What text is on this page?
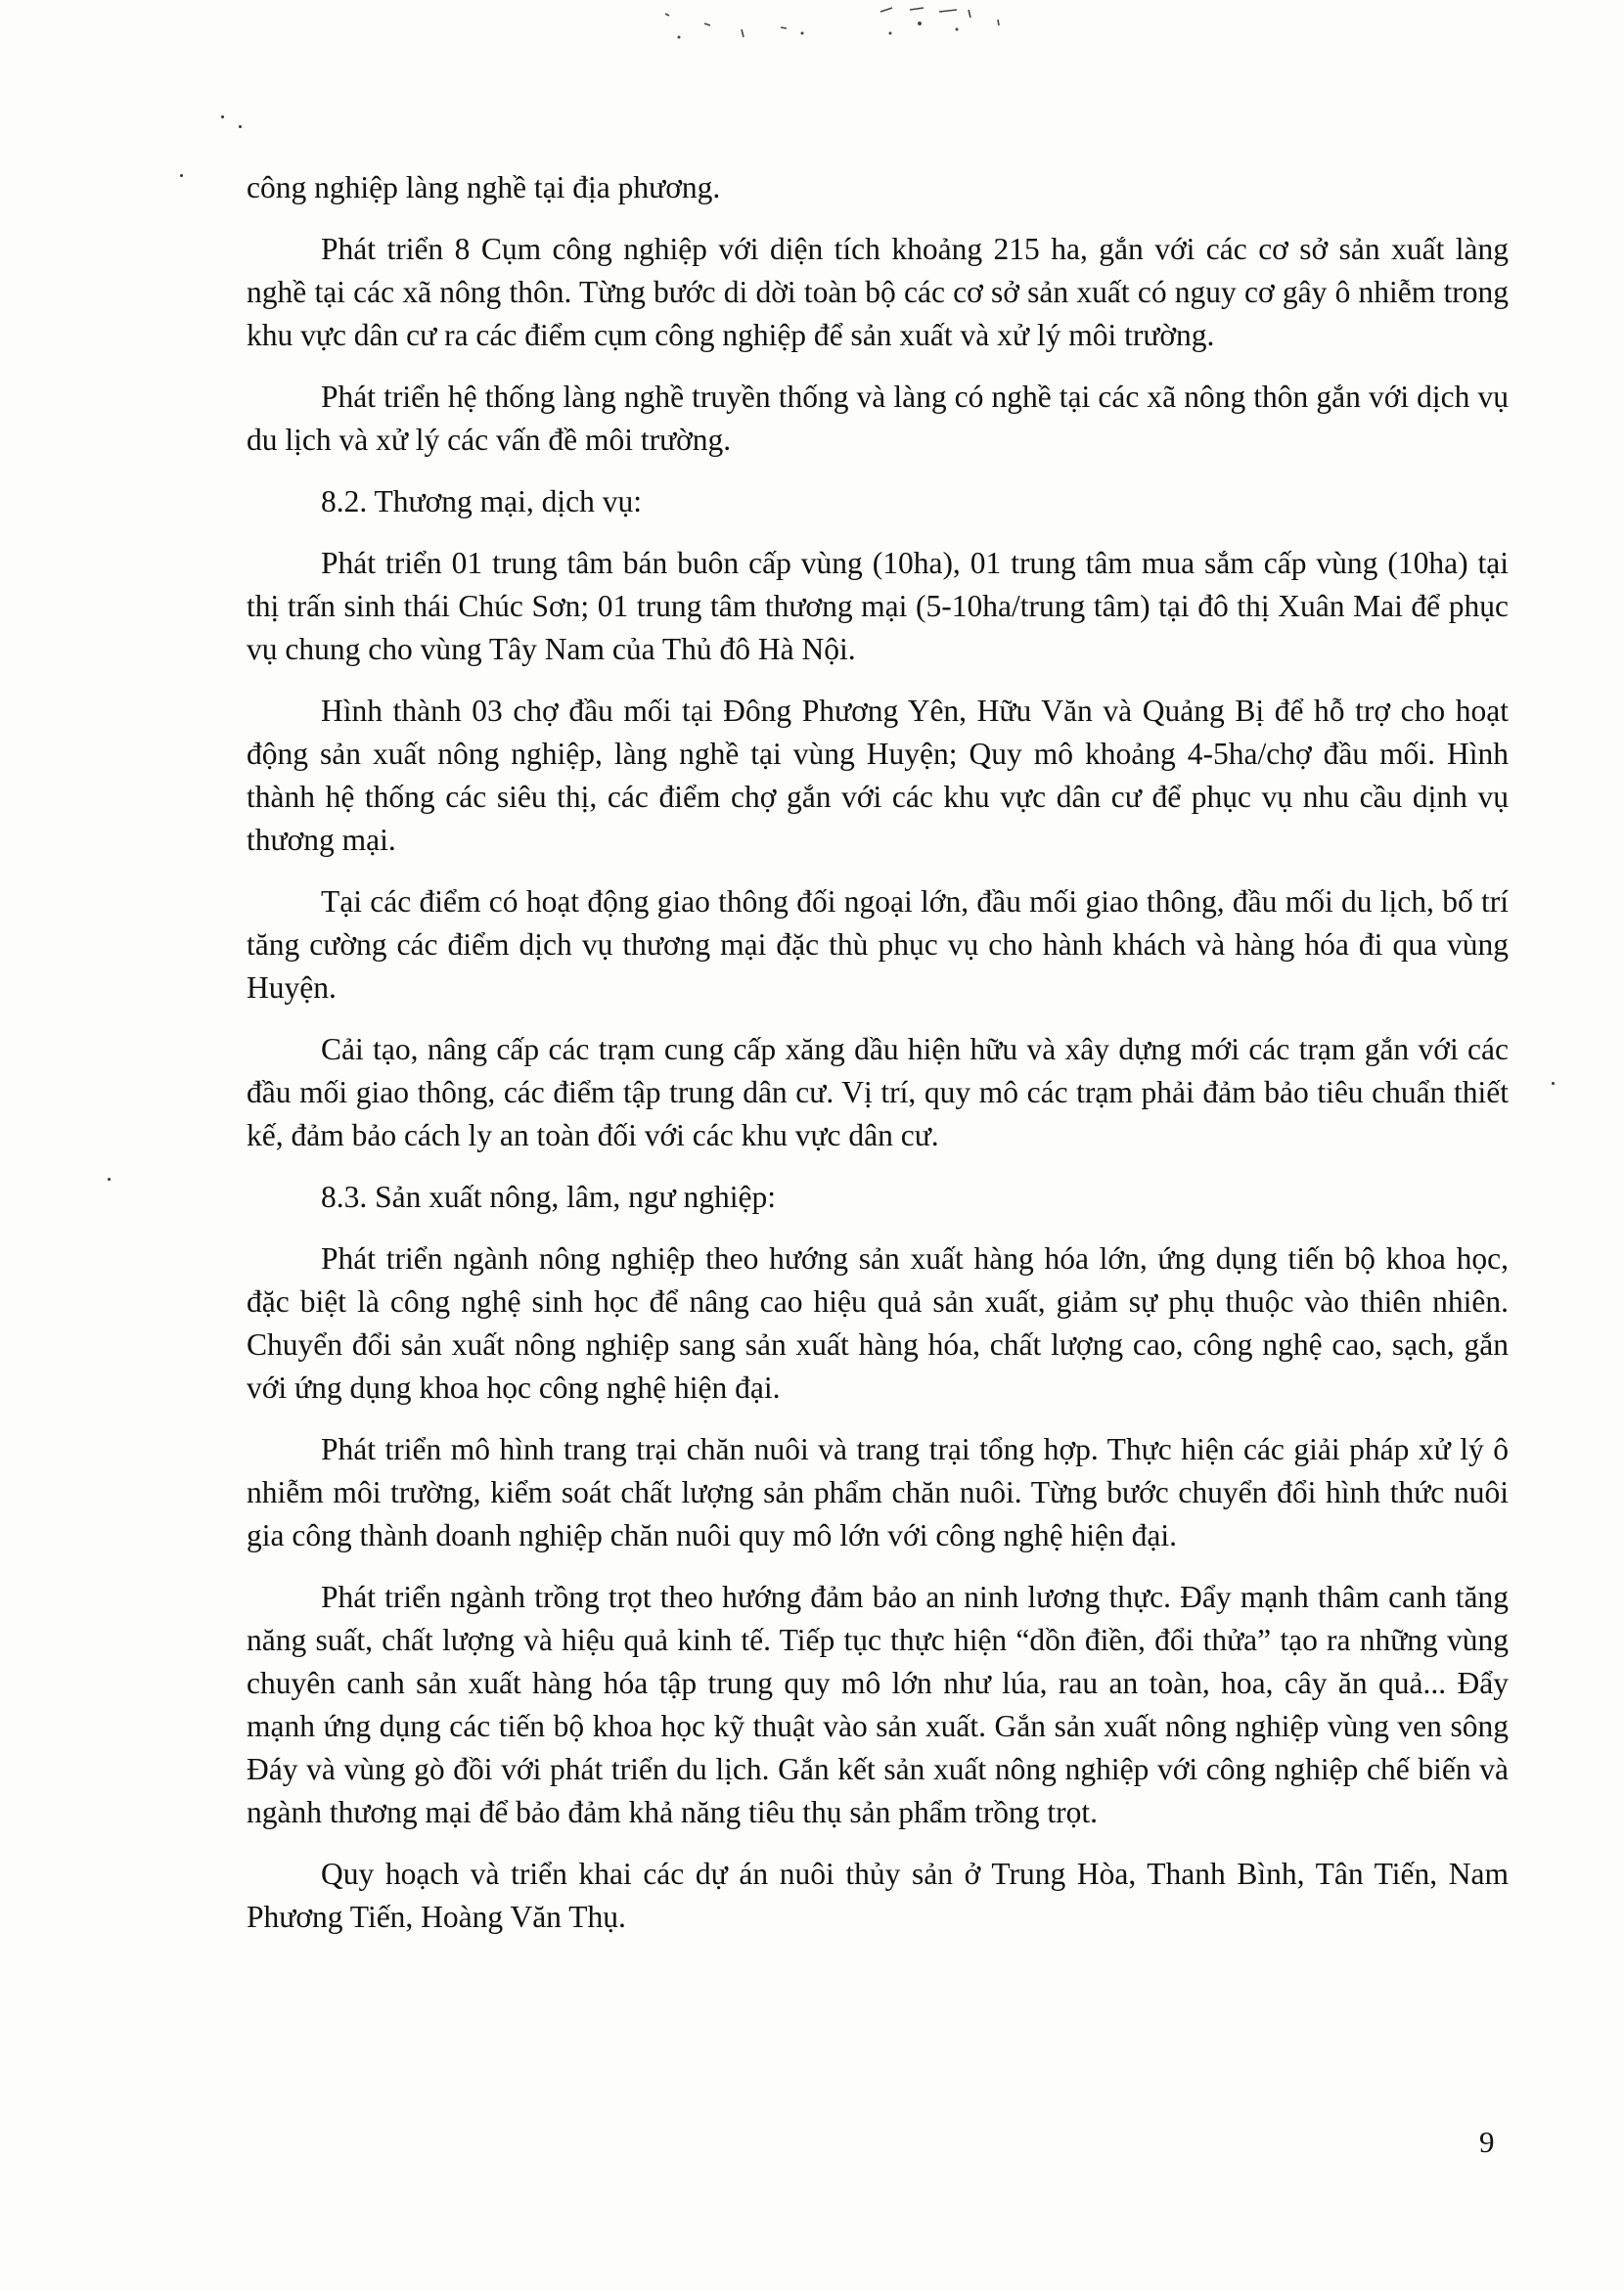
công nghiệp làng nghề tại địa phương.

Phát triển 8 Cụm công nghiệp với diện tích khoảng 215 ha, gắn với các cơ sở sản xuất làng nghề tại các xã nông thôn. Từng bước di dời toàn bộ các cơ sở sản xuất có nguy cơ gây ô nhiễm trong khu vực dân cư ra các điểm cụm công nghiệp để sản xuất và xử lý môi trường.

Phát triển hệ thống làng nghề truyền thống và làng có nghề tại các xã nông thôn gắn với dịch vụ du lịch và xử lý các vấn đề môi trường.

8.2. Thương mại, dịch vụ:

Phát triển 01 trung tâm bán buôn cấp vùng (10ha), 01 trung tâm mua sắm cấp vùng (10ha) tại thị trấn sinh thái Chúc Sơn; 01 trung tâm thương mại (5-10ha/trung tâm) tại đô thị Xuân Mai để phục vụ chung cho vùng Tây Nam của Thủ đô Hà Nội.

Hình thành 03 chợ đầu mối tại Đông Phương Yên, Hữu Văn và Quảng Bị để hỗ trợ cho hoạt động sản xuất nông nghiệp, làng nghề tại vùng Huyện; Quy mô khoảng 4-5ha/chợ đầu mối. Hình thành hệ thống các siêu thị, các điểm chợ gắn với các khu vực dân cư để phục vụ nhu cầu dịnh vụ thương mại.

Tại các điểm có hoạt động giao thông đối ngoại lớn, đầu mối giao thông, đầu mối du lịch, bố trí tăng cường các điểm dịch vụ thương mại đặc thù phục vụ cho hành khách và hàng hóa đi qua vùng Huyện.

Cải tạo, nâng cấp các trạm cung cấp xăng dầu hiện hữu và xây dựng mới các trạm gắn với các đầu mối giao thông, các điểm tập trung dân cư. Vị trí, quy mô các trạm phải đảm bảo tiêu chuẩn thiết kế, đảm bảo cách ly an toàn đối với các khu vực dân cư.

8.3. Sản xuất nông, lâm, ngư nghiệp:

Phát triển ngành nông nghiệp theo hướng sản xuất hàng hóa lớn, ứng dụng tiến bộ khoa học, đặc biệt là công nghệ sinh học để nâng cao hiệu quả sản xuất, giảm sự phụ thuộc vào thiên nhiên. Chuyển đổi sản xuất nông nghiệp sang sản xuất hàng hóa, chất lượng cao, công nghệ cao, sạch, gắn với ứng dụng khoa học công nghệ hiện đại.

Phát triển mô hình trang trại chăn nuôi và trang trại tổng hợp. Thực hiện các giải pháp xử lý ô nhiễm môi trường, kiểm soát chất lượng sản phẩm chăn nuôi. Từng bước chuyển đổi hình thức nuôi gia công thành doanh nghiệp chăn nuôi quy mô lớn với công nghệ hiện đại.

Phát triển ngành trồng trọt theo hướng đảm bảo an ninh lương thực. Đẩy mạnh thâm canh tăng năng suất, chất lượng và hiệu quả kinh tế. Tiếp tục thực hiện “dồn điền, đổi thửa” tạo ra những vùng chuyên canh sản xuất hàng hóa tập trung quy mô lớn như lúa, rau an toàn, hoa, cây ăn quả... Đẩy mạnh ứng dụng các tiến bộ khoa học kỹ thuật vào sản xuất. Gắn sản xuất nông nghiệp vùng ven sông Đáy và vùng gò đồi với phát triển du lịch. Gắn kết sản xuất nông nghiệp với công nghiệp chế biến và ngành thương mại để bảo đảm khả năng tiêu thụ sản phẩm trồng trọt.

Quy hoạch và triển khai các dự án nuôi thủy sản ở Trung Hòa, Thanh Bình, Tân Tiến, Nam Phương Tiến, Hoàng Văn Thụ.

9
